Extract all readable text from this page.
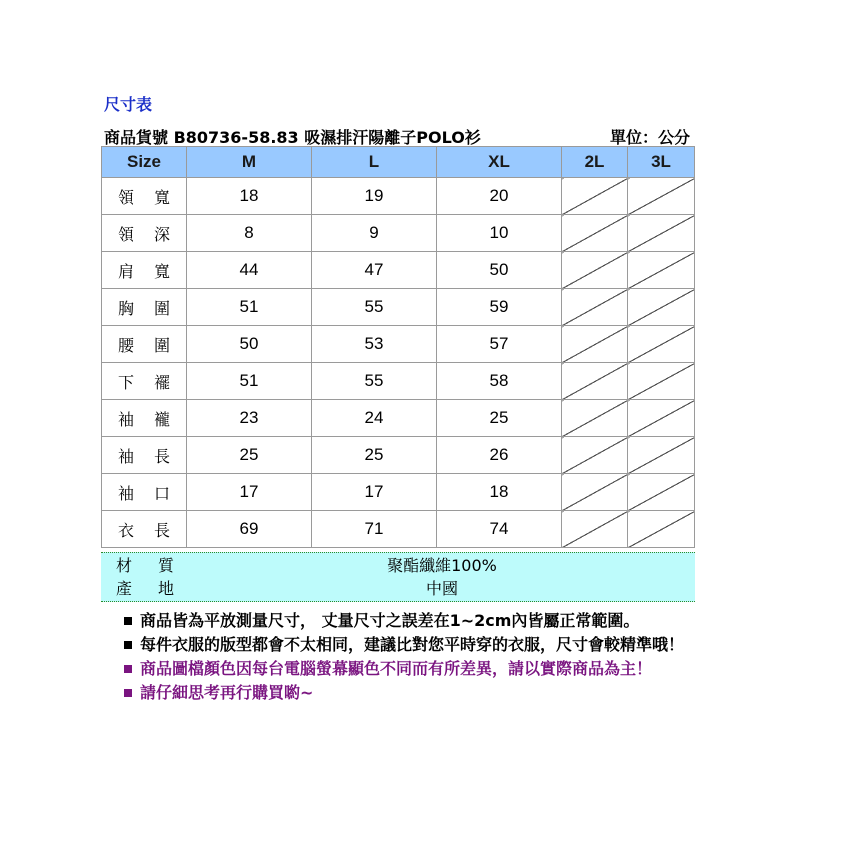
尺寸表
商品貨號 B80736-58.83 吸濕排汗陽離子POLO衫	單位：公分
Size	M	L	XL	2L	3L

領 寬	18	19	20		

領 深	8	9	10		

肩 寬	44	47	50		

胸 圍	51	55	59		

腰 圍	50	53	57		

下 襬	51	55	58		

袖 襱	23	24	25		

袖 長	25	25	26		

袖 口	17	17	18		

衣 長	69	71	74		
材 質	聚酯纖維100%
產 地	中國
商品皆為平放測量尺寸， 丈量尺寸之誤差在1~2cm內皆屬正常範圍。
每件衣服的版型都會不太相同，建議比對您平時穿的衣服，尺寸會較精準哦！
商品圖檔顏色因每台電腦螢幕顯色不同而有所差異，請以實際商品為主！
請仔細思考再行購買喲~
